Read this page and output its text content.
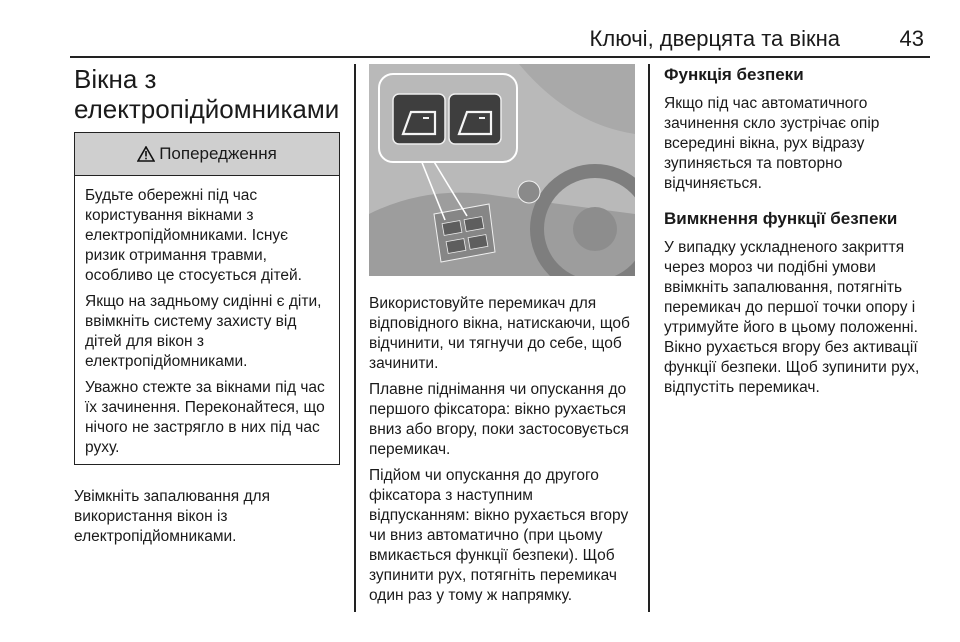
Ключі, дверцята та вікна	43
Вікна з електропідйомниками
Попередження

Будьте обережні під час користування вікнами з електропідйомниками. Існує ризик отримання травми, особливо це стосується дітей.

Якщо на задньому сидінні є діти, ввімкніть систему захисту від дітей для вікон з електропідйомниками.

Уважно стежте за вікнами під час їх зачинення. Переконайтеся, що нічого не застрягло в них під час руху.

Увімкніть запалювання для використання вікон із електропідйомниками.

Використовуйте перемикач для відповідного вікна, натискаючи, щоб відчинити, чи тягнучи до себе, щоб зачинити.

Плавне піднімання чи опускання до першого фіксатора: вікно рухається вниз або вгору, поки застосовується перемикач.

Підйом чи опускання до другого фіксатора з наступним відпусканням: вікно рухається вгору чи вниз автоматично (при цьому вмикається функції безпеки). Щоб зупинити рух, потягніть перемикач один раз у тому ж напрямку.

Функція безпеки

Якщо під час автоматичного зачинення скло зустрічає опір всередині вікна, рух відразу зупиняється та повторно відчиняється.

Вимкнення функції безпеки

У випадку ускладненого закриття через мороз чи подібні умови ввімкніть запалювання, потягніть перемикач до першої точки опору і утримуйте його в цьому положенні. Вікно рухається вгору без активації функції безпеки. Щоб зупинити рух, відпустіть перемикач.
